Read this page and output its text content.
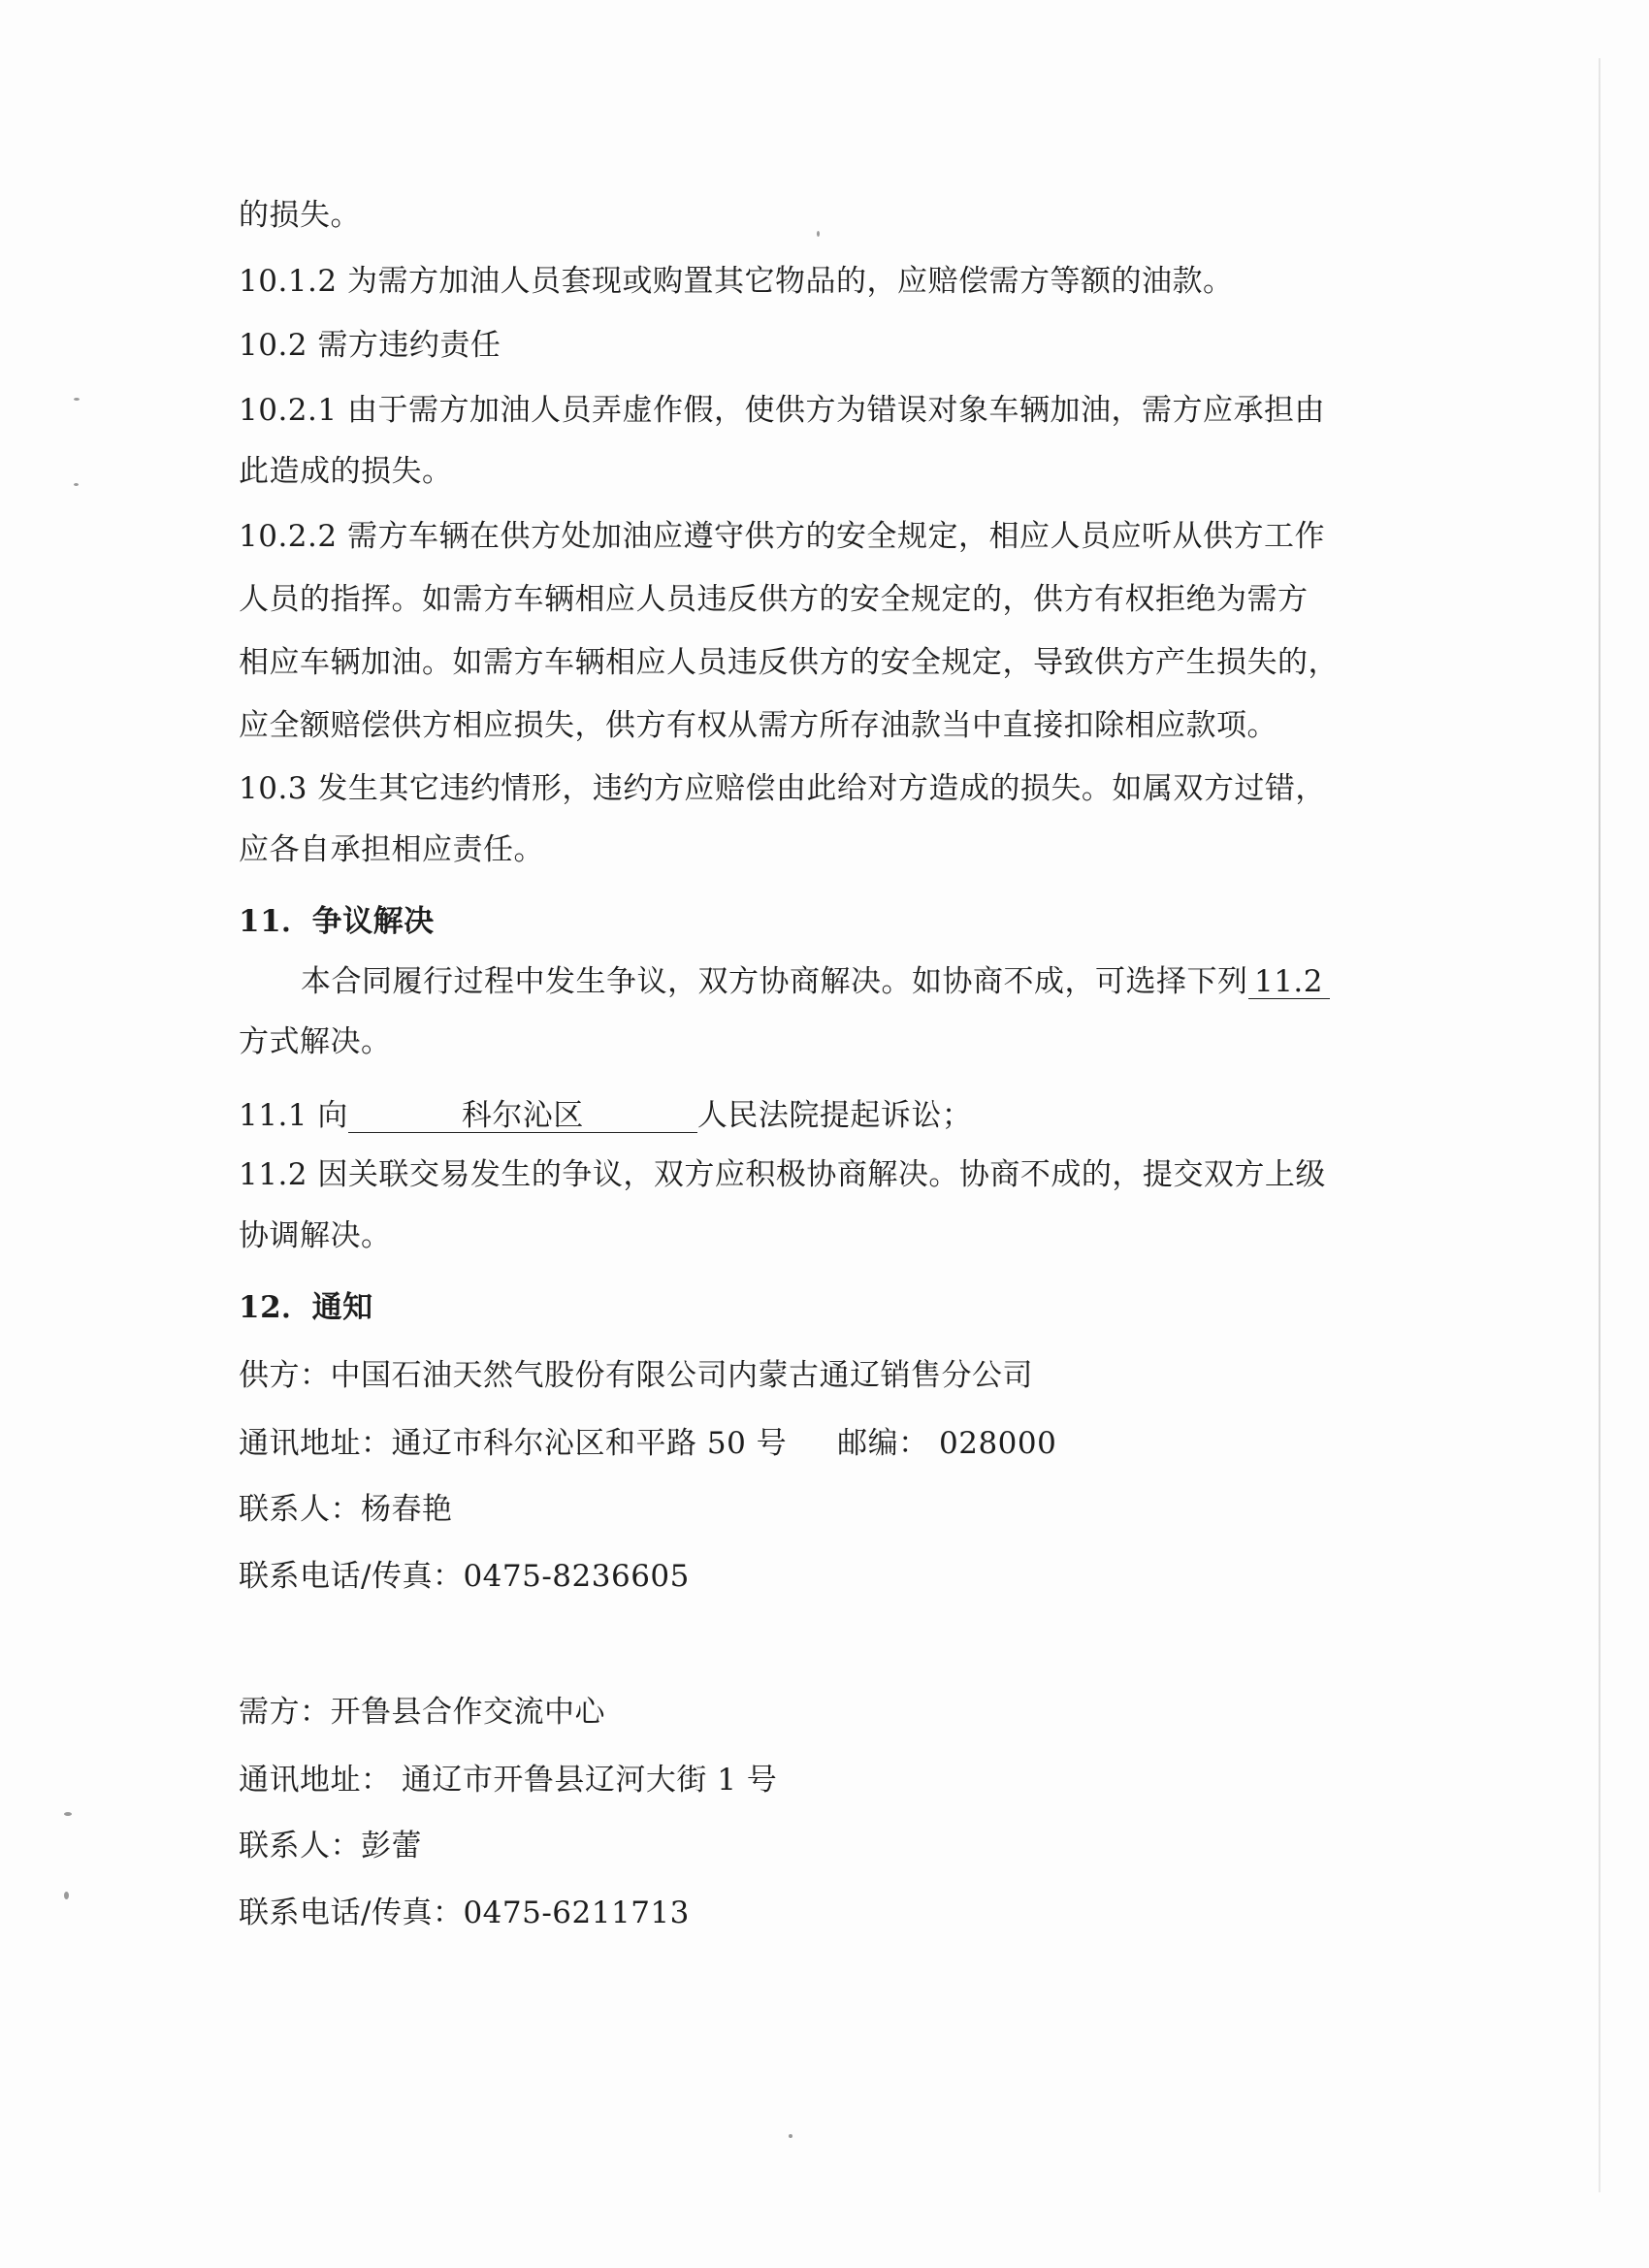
的损失。
10.1.2 为需方加油人员套现或购置其它物品的，应赔偿需方等额的油款。
10.2 需方违约责任
10.2.1 由于需方加油人员弄虚作假，使供方为错误对象车辆加油，需方应承担由
此造成的损失。
10.2.2 需方车辆在供方处加油应遵守供方的安全规定，相应人员应听从供方工作
人员的指挥。如需方车辆相应人员违反供方的安全规定的，供方有权拒绝为需方
相应车辆加油。如需方车辆相应人员违反供方的安全规定，导致供方产生损失的，
应全额赔偿供方相应损失，供方有权从需方所存油款当中直接扣除相应款项。
10.3 发生其它违约情形，违约方应赔偿由此给对方造成的损失。如属双方过错，
应各自承担相应责任。
11．争议解决
本合同履行过程中发生争议，双方协商解决。如协商不成，可选择下列 11.2
方式解决。
11.1 向	科尔沁区	人民法院提起诉讼；
11.2 因关联交易发生的争议，双方应积极协商解决。协商不成的，提交双方上级
协调解决。
12．通知
供方：中国石油天然气股份有限公司内蒙古通辽销售分公司
通讯地址：通辽市科尔沁区和平路 50 号 邮编： 028000
联系人：杨春艳
联系电话/传真：0475-8236605
需方：开鲁县合作交流中心
通讯地址： 通辽市开鲁县辽河大街 1 号
联系人：彭蕾
联系电话/传真：0475-6211713
